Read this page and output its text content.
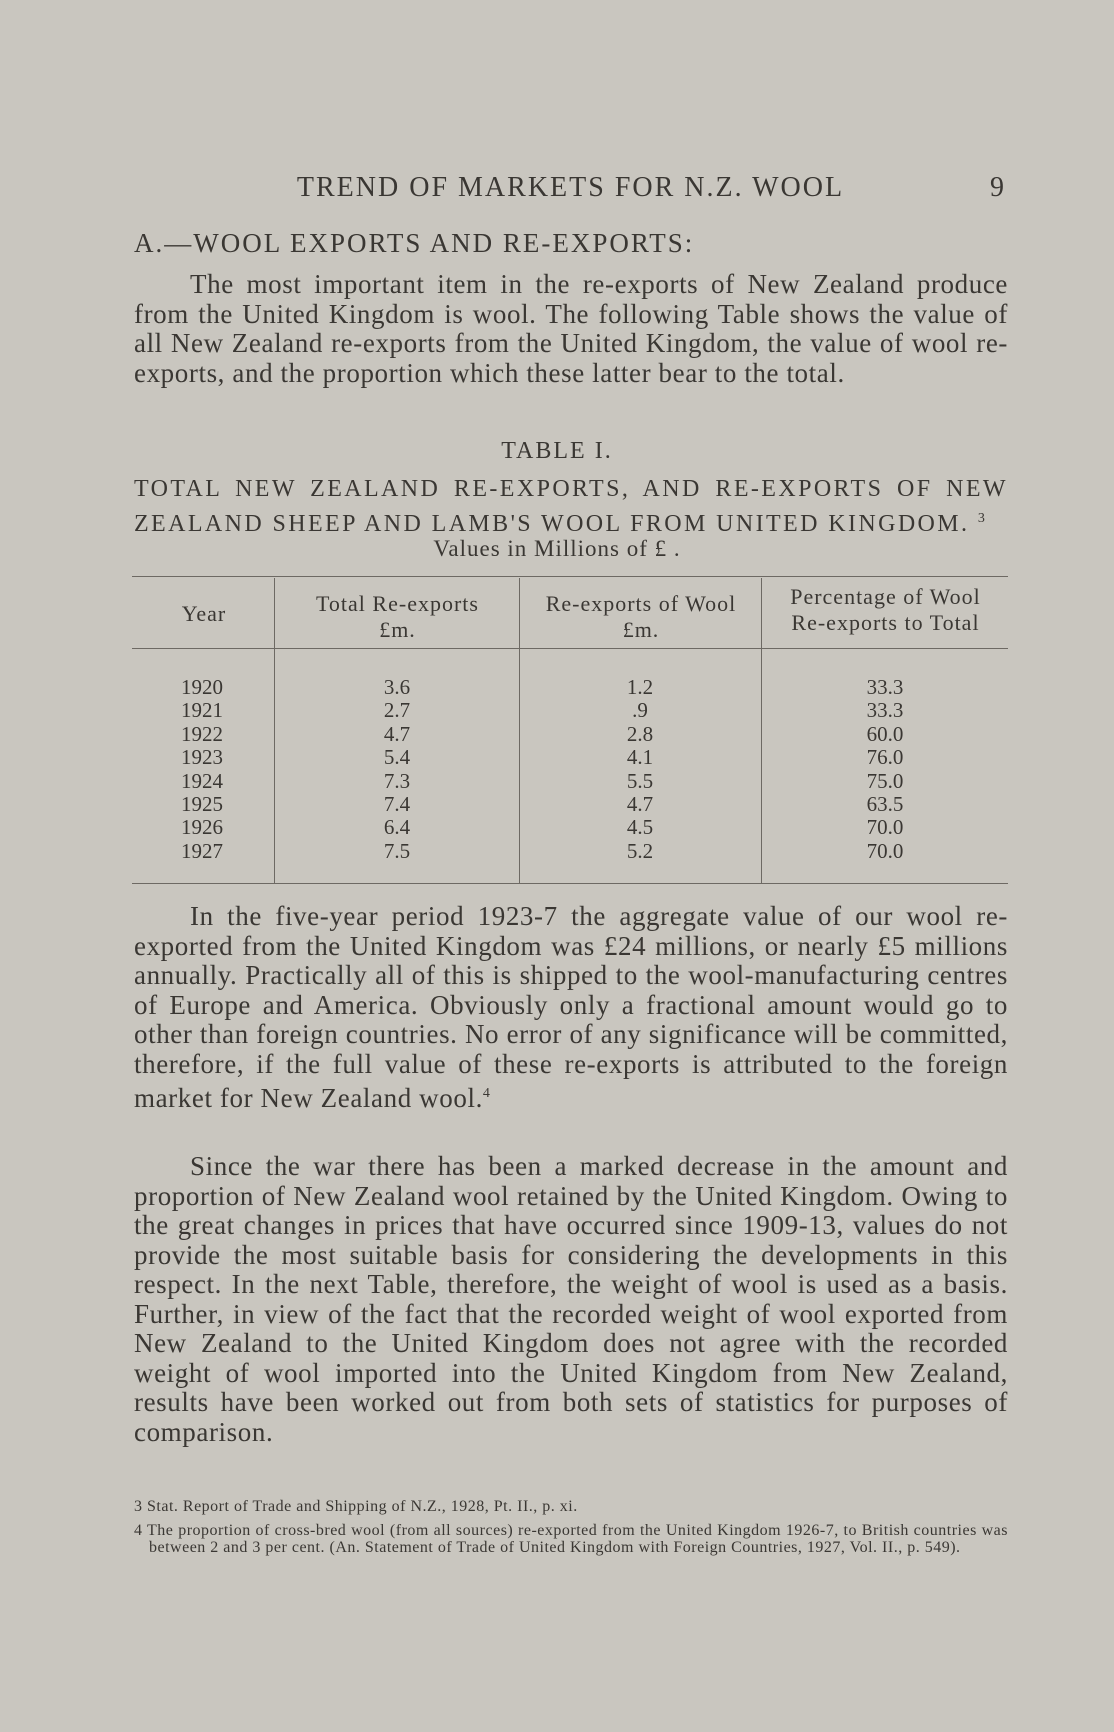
TREND OF MARKETS FOR N.Z. WOOL	9
A.—WOOL EXPORTS AND RE-EXPORTS:

The most important item in the re-exports of New Zealand produce from the United Kingdom is wool. The following Table shows the value of all New Zealand re-exports from the United Kingdom, the value of wool re-exports, and the proportion which these latter bear to the total.

TABLE I.
TOTAL NEW ZEALAND RE-EXPORTS, AND RE-EXPORTS OF NEW ZEALAND SHEEP AND LAMB'S WOOL FROM UNITED KINGDOM. $^3$
Values in Millions of £ .
Year	Total Re-exports
£m.
Re-exports of Wool
£m.
Percentage of Wool
Re-exports to Total
1920
1921
1922
1923
1924
1925
1926
1927
3.6
2.7
4.7
5.4
7.3
7.4
6.4
7.5
1.2
.9
2.8
4.1
5.5
4.7
4.5
5.2
33.3
33.3
60.0
76.0
75.0
63.5
70.0
70.0

In the five-year period 1923-7 the aggregate value of our wool re-exported from the United Kingdom was £24 millions, or nearly £5 millions annually. Practically all of this is shipped to the wool-manufacturing centres of Europe and America. Obviously only a fractional amount would go to other than foreign countries. No error of any significance will be committed, therefore, if the full value of these re-exports is attributed to the foreign market for New Zealand wool.$^4$

Since the war there has been a marked decrease in the amount and proportion of New Zealand wool retained by the United Kingdom. Owing to the great changes in prices that have occurred since 1909-13, values do not provide the most suitable basis for considering the developments in this respect. In the next Table, therefore, the weight of wool is used as a basis. Further, in view of the fact that the recorded weight of wool exported from New Zealand to the United Kingdom does not agree with the recorded weight of wool imported into the United Kingdom from New Zealand, results have been worked out from both sets of statistics for purposes of comparison.

3 Stat. Report of Trade and Shipping of N.Z., 1928, Pt. II., p. xi.

4 The proportion of cross-bred wool (from all sources) re-exported from the United Kingdom 1926-7, to British countries was between 2 and 3 per cent. (An. Statement of Trade of United Kingdom with Foreign Countries, 1927, Vol. II., p. 549).
